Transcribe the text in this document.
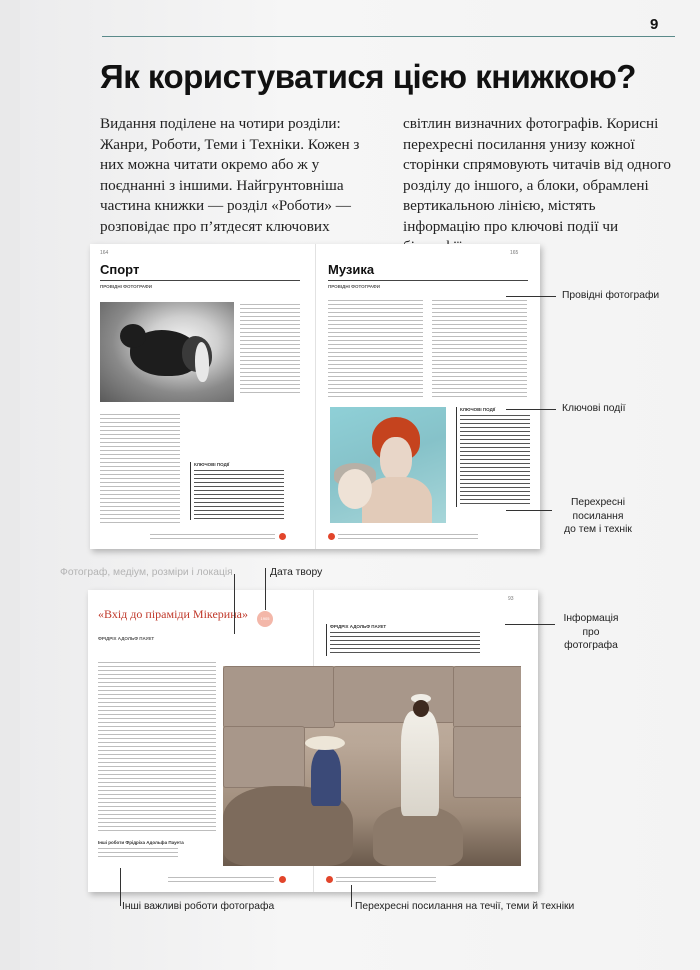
9
Як користуватися цією книжкою?

Видання поділене на чотири розділи: Жанри, Роботи, Теми і Техніки. Кожен з них можна читати окремо або ж у поєднанні з іншими. Найгрунтовніша частина книжки — розділ «Роботи» — розповідає про п’ятдесят ключових

світлин визначних фотографів. Корисні перехресні посилання унизу кожної сторінки спрямовують читачів від одного розділу до іншого, а блоки, обрамлені вертикальною лінією, містять інформацію про ключові події чи

164	165
Спорт	Музика
ПРОВІДНІ ФОТОГРАФИ	ПРОВІДНІ ФОТОГРАФИ
КЛЮЧОВІ ПОДІЇ
КЛЮЧОВІ ПОДІЇ
«Вхід до піраміди Мікерина»
ФРІДРІХ АДОЛЬФ ПАУЕТ
93
ФРІДРІХ АДОЛЬФ ПАУЕТ
Інші роботи Фрідріха Адольфа Пауета
1905
Провідні фотографи
Ключові події
Перехресні
посилання
до тем і технік
Фотограф, медіум, розміри і локація	Дата твору
Інформація
про фотографа
Інші важливі роботи фотографа	Перехресні посилання на течії, теми й техніки
